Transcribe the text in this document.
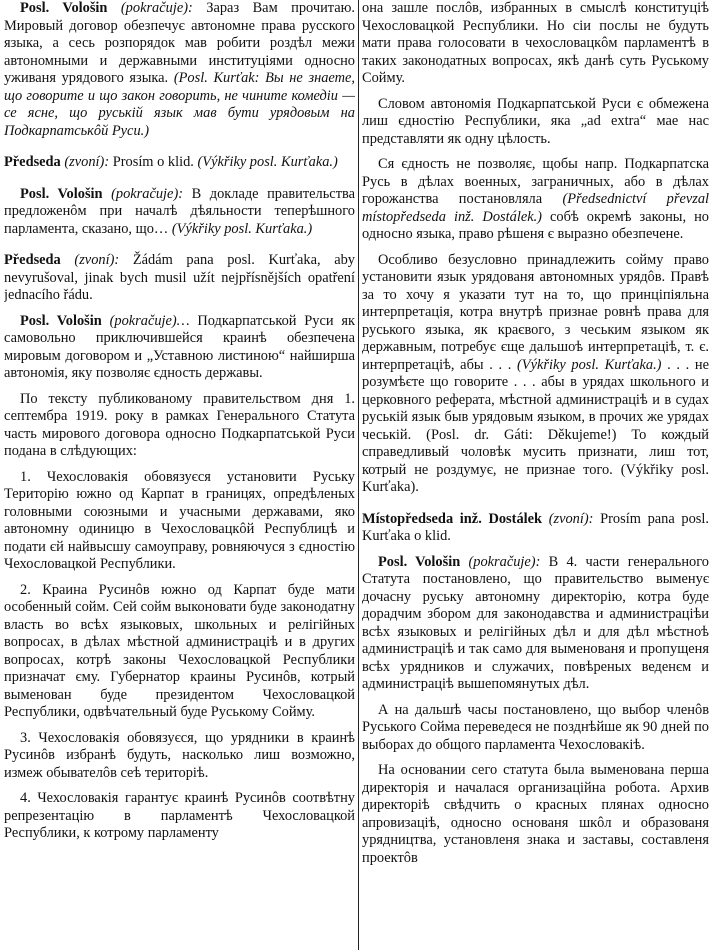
Posl. Vološin (pokračuje): Зараз Вам прочитаю. Мировый договор обезпечує автономне права русского языка, а сесь розпорядок мав робити роздѣл межи автономными и державными институціями односно уживаня урядового языка. (Posl. Kurťak: Вы не знаете, що говорите и що закон говорить, не чините комедіи — се ясне, що руській язык мав бути урядовым на Подкарпатськôй Руси.)

Předseda (zvoní): Prosím o klid. (Výkřiky posl. Kurťaka.)

Posl. Vološin (pokračuje): В докладе правительства предложенôм при началѣ дѣяльности теперѣшного парламента, сказано, що… (Výkřiky posl. Kurťaka.)

Předseda (zvoní): Žádám pana posl. Kurťaka, aby nevyrušoval, jinak bych musil užít nejpřísnějších opatření jednacího řádu.

Posl. Vološin (pokračuje)… Подкарпатськой Руси як самовольно приключившейся краинѣ обезпечена мировым договором и „Уставною листиною“ найширша автономія, яку позволяє єдность державы.

По тексту публикованому правительством дня 1. септембра 1919. року в рамках Генерального Статута часть мирового договора односно Подкарпатськой Руси подана в слѣдующих:

1. Чехословакія обовязуєся установити Руську Територію южно од Карпат в границях, опредѣленых головными союзными и учасными державами, яко автономну одиницю в Чехословацкôй Республицѣ и подати єй найвысшу самоуправу, ровняючуся з єдностію Чехословацкой Республики.

2. Краина Русинôв южно од Карпат буде мати особенный сойм. Сей сойм выконовати буде законодатну власть во всѣх языковых, школьных и релігійных вопросах, в дѣлах мѣстной администраціѣ и в других вопросах, котрѣ законы Чехословацкой Республики призначат єму. Губернатор краины Русинôв, котрый выменован буде президентом Чехословацкой Республики, одвѣчательный буде Руському Сойму.

3. Чехословакія обовязуєся, що урядники в краинѣ Русинôв избранѣ будуть, насколько лиш возможно, измеж обывателôв сеѣ територіѣ.

4. Чехословакія гарантує краинѣ Русинôв соотвѣтну репрезентацію в парламентѣ Чехословацкой Республики, к котрому парламенту

она зашле послôв, избранных в смыслѣ конституціѣ Чехословацкой Республики. Но сіи послы не будуть мати права голосовати в чехословацкôм парламентѣ в таких законодатных вопросах, якѣ данѣ суть Руському Сойму.

Словом автономія Подкарпатськой Руси є обмежена лиш єдностію Республики, яка „ad extra“ мае нас представляти як одну цѣлость.

Ся єдность не позволяє, щобы напр. Подкарпатска Русь в дѣлах военных, заграничных, або в дѣлах горожанства постановляла (Předsednictví převzal místopředseda inž. Dostálek.) собѣ окремѣ законы, но односно языка, право рѣшеня є выразно обезпечене.

Особливо безусловно принадлежить сойму право установити язык урядованя автономных урядôв. Правѣ за то хочу я указати тут на то, що принціпіяльна интерпретація, котра внутрѣ признае ровнѣ права для руського языка, як краєвого, з чеським языком як державным, потребує єще дальшоѣ интерпретаціѣ, т. є. интерпретаціѣ, абы . . . (Výkřiky posl. Kurťaka.) . . . не розумѣєте що говорите . . . абы в урядах школьного и церковного реферата, мѣстной администраціѣ и в судах руській язык быв урядовым языком, в прочих же урядах чеській. (Posl. dr. Gáti: Děkujeme!) То кождый справедливый чоловѣк мусить признати, лиш тот, котрый не роздумує, не признае того. (Výkřiky posl. Kurťaka).

Místopředseda inž. Dostálek (zvoní): Prosím pana posl. Kurťaka o klid.

Posl. Vološin (pokračuje): В 4. части генерального Статута постановлено, що правительство выменує дочасну руську автономну директорію, котра буде дорадчим збором для законодавства и администраціѣи всѣх языковых и релігійных дѣл и для дѣл мѣстноѣ администраціѣ и так само для выменованя и пропущеня всѣх урядников и служачих, повѣреных веденєм и администраціѣ вышепомянутых дѣл.

А на дальшѣ часы постановлено, що выбор членôв Руського Сойма переведеся не позднѣйше як 90 дней по выборах до общого парламента Чехословакіѣ.

На основании сего статута была выменована перша директорія и началася организаційна робота. Архив директоріѣ свѣдчить о красных плянах односно апровизаціѣ, односно основаня шкôл и образованя урядництва, установленя знака и заставы, составленя проектôв
